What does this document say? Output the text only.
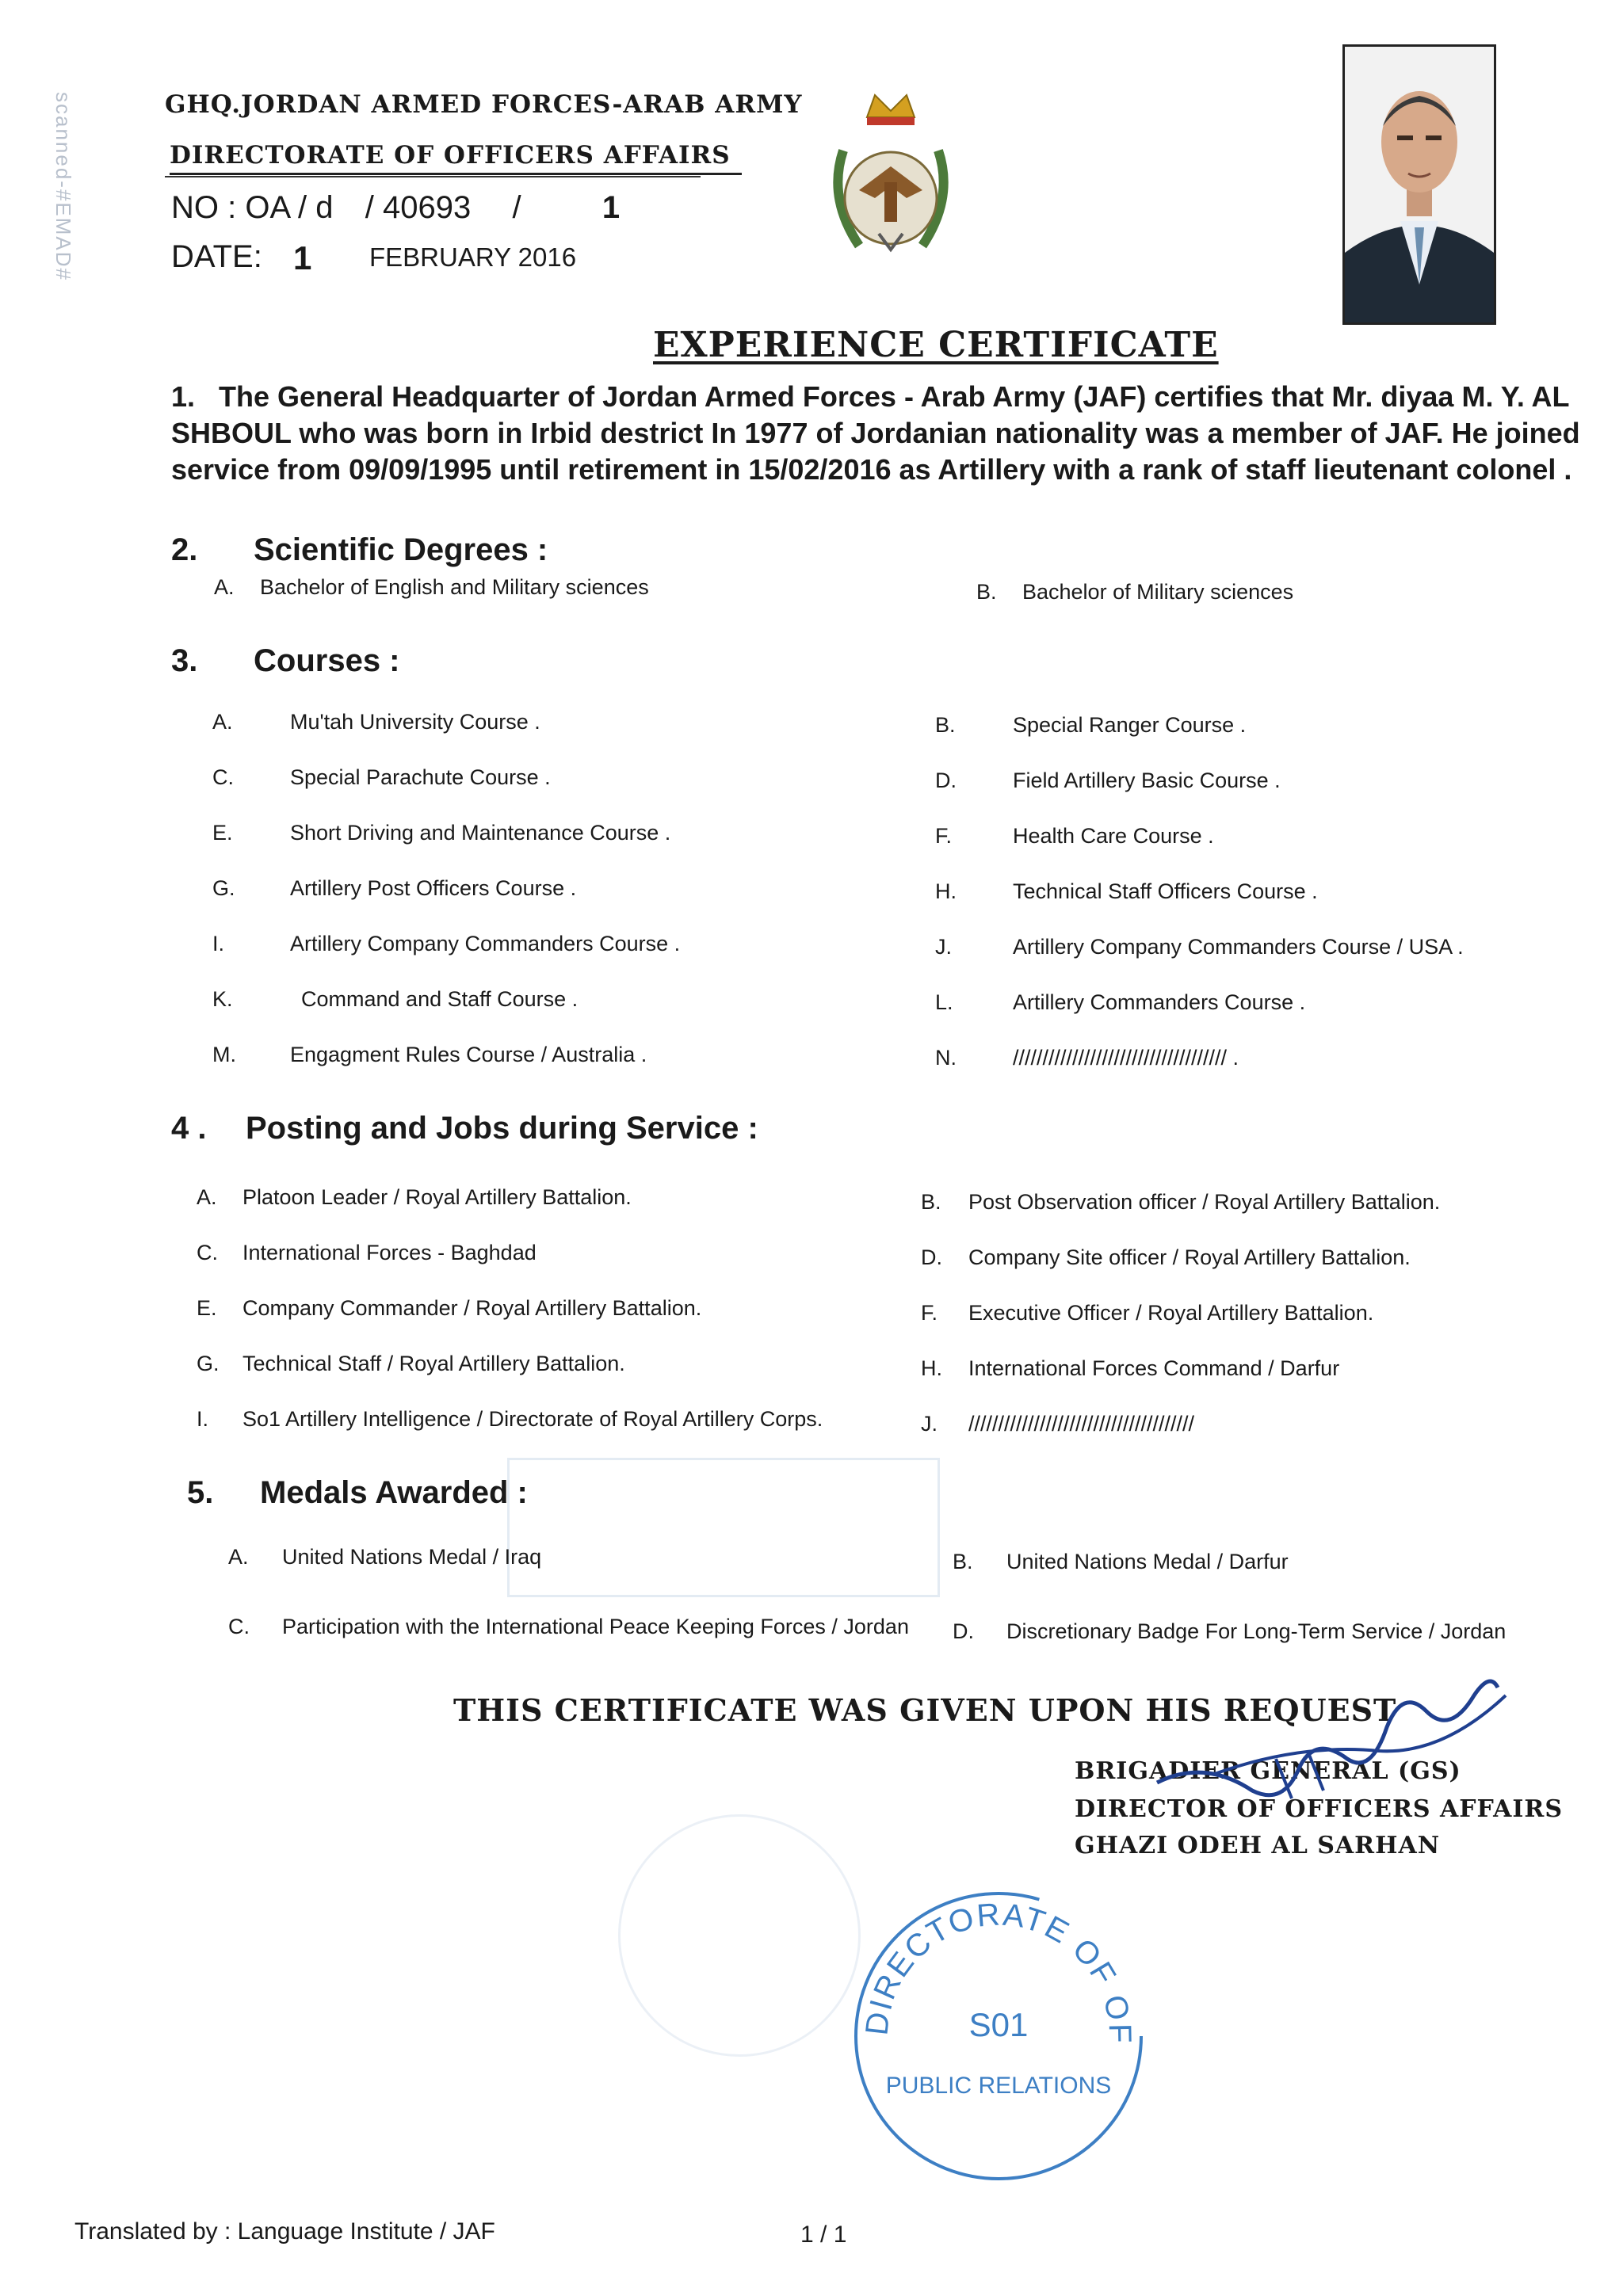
scanned-#EMAD#	GHQ.JORDAN ARMED FORCES-ARAB ARMY
DIRECTORATE OF OFFICERS AFFAIRS
NO : OA / d / 40693 /	1
DATE: 1 FEBRUARY 2016
EXPERIENCE CERTIFICATE
1. The General Headquarter of Jordan Armed Forces - Arab Army (JAF) certifies that Mr. diyaa M. Y. AL SHBOUL who was born in Irbid destrict In 1977 of Jordanian nationality was a member of JAF. He joined service from 09/09/1995 until retirement in 15/02/2016 as Artillery with a rank of staff lieutenant colonel .
2. Scientific Degrees :
A. Bachelor of English and Military sciences	B. Bachelor of Military sciences
3. Courses :
A.	Mu'tah University Course .	B.	Special Ranger Course .
C.	Special Parachute Course .	D.	Field Artillery Basic Course .
E.	Short Driving and Maintenance Course .	F.	Health Care Course .
G.	Artillery Post Officers Course .	H.	Technical Staff Officers Course .
I.	Artillery Company Commanders Course .	J.	Artillery Company Commanders Course / USA .
K.	Command and Staff Course .	L.	Artillery Commanders Course .
M.	Engagment Rules Course / Australia .	N.	//////////////////////////////////// .
4 . Posting and Jobs during Service :
A. Platoon Leader / Royal Artillery Battalion.	B. Post Observation officer / Royal Artillery Battalion.
C. International Forces - Baghdad	D. Company Site officer / Royal Artillery Battalion.
E. Company Commander / Royal Artillery Battalion.	F. Executive Officer / Royal Artillery Battalion.
G. Technical Staff / Royal Artillery Battalion.	H. International Forces Command / Darfur
I. So1 Artillery Intelligence / Directorate of Royal Artillery Corps.	J. //////////////////////////////////////
5. Medals Awarded :
A. United Nations Medal / Iraq	B. United Nations Medal / Darfur
C. Participation with the International Peace Keeping Forces / Jordan D. Discretionary Badge For Long-Term Service / Jordan
THIS CERTIFICATE WAS GIVEN UPON HIS REQUEST
BRIGADIER GENERAL (GS)
DIRECTOR OF OFFICERS AFFAIRS
GHAZI ODEH AL SARHAN
DIRECTORATE OF OF
S01
PUBLIC RELATIONS
Translated by : Language Institute / JAF	1 / 1
